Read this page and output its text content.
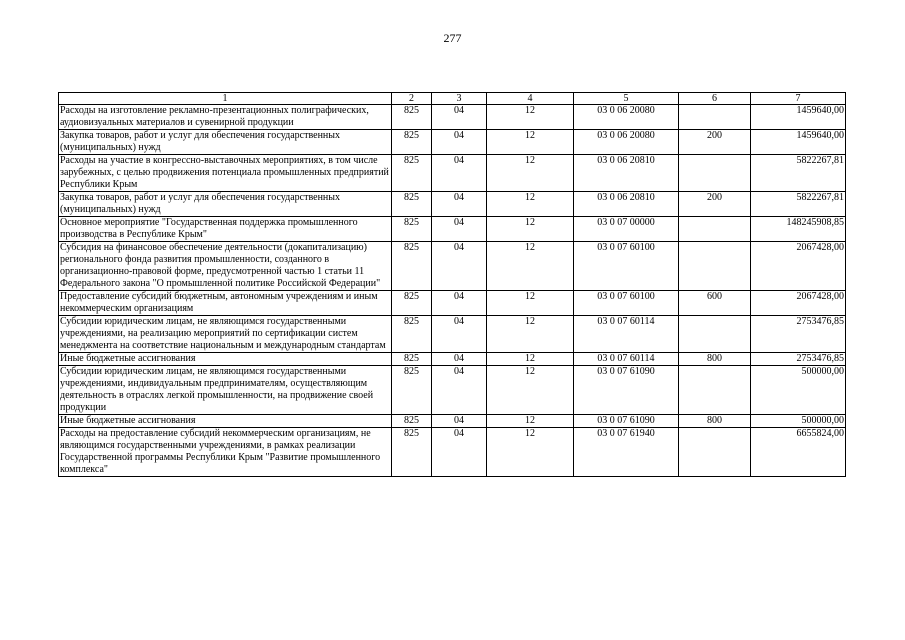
277
1	2	3	4	5	6	7
Расходы на изготовление рекламно-презентационных полиграфических, аудиовизуальных материалов и сувенирной продукции	825	04	12	03 0 06 20080		1459640,00
Закупка товаров, работ и услуг для обеспечения государственных (муниципальных) нужд	825	04	12	03 0 06 20080	200	1459640,00
Расходы на участие в конгрессно-выставочных мероприятиях, в том числе зарубежных, с целью продвижения потенциала промышленных предприятий Республики Крым	825	04	12	03 0 06 20810		5822267,81
Закупка товаров, работ и услуг для обеспечения государственных (муниципальных) нужд	825	04	12	03 0 06 20810	200	5822267,81
Основное мероприятие "Государственная поддержка промышленного производства в Республике Крым"	825	04	12	03 0 07 00000		148245908,85
Субсидия на финансовое обеспечение деятельности (докапитализацию) регионального фонда развития промышленности, созданного в организационно-правовой форме, предусмотренной частью 1 статьи 11 Федерального закона "О промышленной политике Российской Федерации"	825	04	12	03 0 07 60100		2067428,00
Предоставление субсидий бюджетным, автономным учреждениям и иным некоммерческим организациям	825	04	12	03 0 07 60100	600	2067428,00
Субсидии юридическим лицам, не являющимся государственными учреждениями, на реализацию мероприятий по сертификации систем менеджмента на соответствие национальным и международным стандартам	825	04	12	03 0 07 60114		2753476,85
Иные бюджетные ассигнования	825	04	12	03 0 07 60114	800	2753476,85
Субсидии юридическим лицам, не являющимся государственными учреждениями, индивидуальным предпринимателям, осуществляющим деятельность в отраслях легкой промышленности, на продвижение своей продукции	825	04	12	03 0 07 61090		500000,00
Иные бюджетные ассигнования	825	04	12	03 0 07 61090	800	500000,00
Расходы на предоставление субсидий некоммерческим организациям, не являющимся государственными учреждениями, в рамках реализации Государственной программы Республики Крым "Развитие промышленного комплекса"	825	04	12	03 0 07 61940		6655824,00
